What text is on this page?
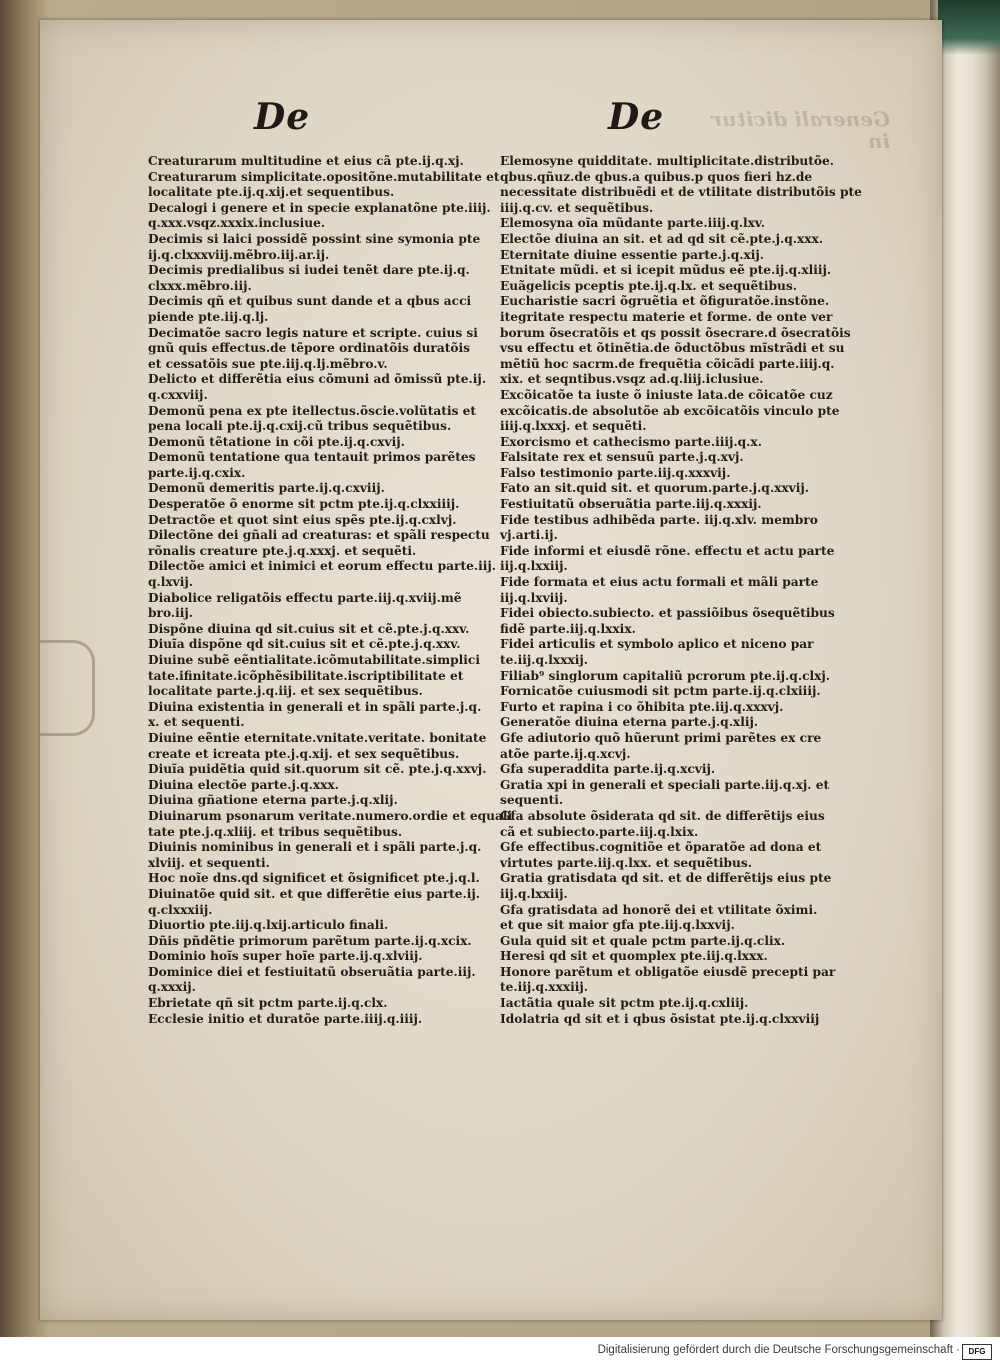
Generali dicitur in
De	De
Creaturarum multitudine et eius cã pte.ij.q.xj.
Creaturarum simplicitate.opositõne.mutabilitate et
localitate pte.ij.q.xij.et sequentibus.
Decalogi i genere et in specie explanatõne pte.iiij.
q.xxx.vsqz.xxxix.inclusiue.
Decimis si laici possidẽ possint sine symonia pte
ij.q.clxxxviij.mẽbro.iij.ar.ij.
Decimis predialibus si iudei tenẽt dare pte.ij.q.
clxxx.mẽbro.iij.
Decimis qñ et quibus sunt dande et a qbus acci
piende pte.iij.q.lj.
Decimatõe sacro legis nature et scripte. cuius si
gnũ quis effectus.de tẽpore ordinatõis duratõis
et cessatõis sue pte.iij.q.lj.mẽbro.v.
Delicto et differẽtia eius cõmuni ad õmissũ pte.ij.
q.cxxviij.
Demonũ pena ex pte itellectus.õscie.volũtatis et
pena locali pte.ij.q.cxij.cũ tribus sequẽtibus.
Demonũ tẽtatione in cõi pte.ij.q.cxvij.
Demonũ tentatione qua tentauit primos parẽtes
parte.ij.q.cxix.
Demonũ demeritis parte.ij.q.cxviij.
Desperatõe õ enorme sit pctm pte.ij.q.clxxiiij.
Detractõe et quot sint eius spẽs pte.ij.q.cxlvj.
Dilectõne dei gñali ad creaturas: et spãli respectu
rõnalis creature pte.j.q.xxxj. et sequẽti.
Dilectõe amici et inimici et eorum effectu parte.iij.
q.lxvij.
Diabolice religatõis effectu parte.iij.q.xviij.mẽ
bro.iij.
Dispõne diuina qd sit.cuius sit et cẽ.pte.j.q.xxv.
Diuĩa dispõne qd sit.cuius sit et cẽ.pte.j.q.xxv.
Diuine subẽ eẽntialitate.icõmutabilitate.simplici
tate.ifinitate.icõphẽsibilitate.iscriptibilitate et
localitate parte.j.q.iij. et sex sequẽtibus.
Diuina existentia in generali et in spãli parte.j.q.
x. et sequenti.
Diuine eẽntie eternitate.vnitate.veritate. bonitate
create et icreata pte.j.q.xij. et sex sequẽtibus.
Diuĩa puidẽtia quid sit.quorum sit cẽ. pte.j.q.xxvj.
Diuina electõe parte.j.q.xxx.
Diuina gñatione eterna parte.j.q.xlij.
Diuinarum psonarum veritate.numero.ordie et equali
tate pte.j.q.xliij. et tribus sequẽtibus.
Diuinis nominibus in generali et i spãli parte.j.q.
xlviij. et sequenti.
Hoc noĩe dns.qd significet et õsignificet pte.j.q.l.
Diuinatõe quid sit. et que differẽtie eius parte.ij.
q.clxxxiij.
Diuortio pte.iij.q.lxij.articulo finali.
Dñis pñdẽtie primorum parẽtum parte.ij.q.xcix.
Dominio hoĩs super hoĩe parte.ij.q.xlviij.
Dominice diei et festiuitatũ obseruãtia parte.iij.
q.xxxij.
Ebrietate qñ sit pctm parte.ij.q.clx.
Ecclesie initio et duratõe parte.iiij.q.iiij.
Elemosyne quidditate. multiplicitate.distributõe.
qbus.qñuz.de qbus.a quibus.p quos fieri hz.de
necessitate distribuẽdi et de vtilitate distributõis pte
iiij.q.cv. et sequẽtibus.
Elemosyna oĩa mũdante parte.iiij.q.lxv.
Electõe diuina an sit. et ad qd sit cẽ.pte.j.q.xxx.
Eternitate diuine essentie parte.j.q.xij.
Etnitate mũdi. et si icepit mũdus eẽ pte.ij.q.xliij.
Euãgelicis pceptis pte.ij.q.lx. et sequẽtibus.
Eucharistie sacri õgruẽtia et õfiguratõe.instõne.
itegritate respectu materie et forme. de onte ver
borum õsecratõis et qs possit õsecrare.d õsecratõis
vsu effectu et õtinẽtia.de õductõbus mĩstrãdi et su
mẽtiũ hoc sacrm.de frequẽtia cõicãdi parte.iiij.q.
xix. et seqntibus.vsqz ad.q.liij.iclusiue.
Excõicatõe ta iuste õ iniuste lata.de cõicatõe cuz
excõicatis.de absolutõe ab excõicatõis vinculo pte
iiij.q.lxxxj. et sequẽti.
Exorcismo et cathecismo parte.iiij.q.x.
Falsitate rex et sensuũ parte.j.q.xvj.
Falso testimonio parte.iij.q.xxxvij.
Fato an sit.quid sit. et quorum.parte.j.q.xxvij.
Festiuitatũ obseruãtia parte.iij.q.xxxij.
Fide testibus adhibẽda parte. iij.q.xlv. membro
vj.arti.ij.
Fide informi et eiusdẽ rõne. effectu et actu parte
iij.q.lxxiij.
Fide formata et eius actu formali et mãli parte
iij.q.lxviij.
Fidei obiecto.subiecto. et passiõibus õsequẽtibus
fidẽ parte.iij.q.lxxix.
Fidei articulis et symbolo aplico et niceno par
te.iij.q.lxxxij.
Filiab⁹ singlorum capitaliũ pcrorum pte.ij.q.clxj.
Fornicatõe cuiusmodi sit pctm parte.ij.q.clxiiij.
Furto et rapina i co õhibita pte.iij.q.xxxvj.
Generatõe diuina eterna parte.j.q.xlij.
Gfe adiutorio quõ hũerunt primi parẽtes ex cre
atõe parte.ij.q.xcvj.
Gfa superaddita parte.ij.q.xcvij.
Gratia xpi in generali et speciali parte.iij.q.xj. et
sequenti.
Gfa absolute õsiderata qd sit. de differẽtijs eius
cã et subiecto.parte.iij.q.lxix.
Gfe effectibus.cognitiõe et õparatõe ad dona et
virtutes parte.iij.q.lxx. et sequẽtibus.
Gratia gratisdata qd sit. et de differẽtijs eius pte
iij.q.lxxiij.
Gfa gratisdata ad honorẽ dei et vtilitate õximi.
et que sit maior gfa pte.iij.q.lxxvij.
Gula quid sit et quale pctm parte.ij.q.clix.
Heresi qd sit et quomplex pte.iij.q.lxxx.
Honore parẽtum et obligatõe eiusdẽ precepti par
te.iij.q.xxxiij.
Iactãtia quale sit pctm pte.ij.q.cxliij.
Idolatria qd sit et i qbus õsistat pte.ij.q.clxxviij
Digitalisierung gefördert durch die Deutsche Forschungsgemeinschaft ·	DFG
